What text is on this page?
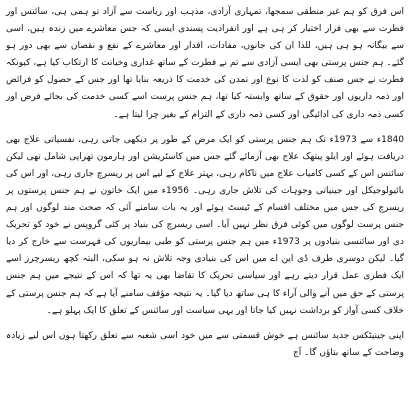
اس فرق کو ہم غیر منطقی سمجھا، تمہاری آزادی، مذہب اور ریاست سے آزاد تو ہمی ہی، سائنس اور فطرت سے بھی فرار اختیار کر ہی ہے اور انفرادیت پسندی ایسی کہ جس معاشرے میں زندہ ہیں، اسی سے بیگانہ ہو ہی ہیں، للذا ان کی جانوں، مفادات، اقدار اور معاشرے کے نفع و نقصان سے بھی دور ہو گئے۔ ہم جنس پرستی بھی ایسی آزادی سے تم نے فطرت کے ساتھ غداری وخیانت کا ارتکاب کیا ہے، کیونکہ فطرت نے جس صنف کو لذت کا نوع اور تمدن کی خدمت کا ذریعہ بنایا تھا اور جس کے حصول کو فرائض اور ذمہ داریوں اور حقوق کے ساتھ وابستہ کیا تھا، ہم جنس پرست اسے کسی خدمت کی بجائے فرض اور کسی ذمہ داری کی ادائیگی اور کسی ذمہ داری کے التزام کے بغیر چرا لیتا ہے۔

1840ء سے 1973ء تک ہم جنس پرستی کو ایک مرض کے طور پر دیکھی جاتی رہی، نفسیاتی علاج بھی دریافت ہوئے اور ایلو پیتھک علاج بھی آزمائے گئے جس میں کاسٹریشن اور ہارمون تھراپی شامل تھی لیکن سائنس اس کے کسی کامیاب علاج میں ناکام رہی، بہتر علاج کے لیے اس پر ریسرچ جاری رہی، اور اس کی بائیولوجیکل اور جینیاتی وجوہات کی تلاش جاری رہی۔ 1956ء میں ایک خاتون نے ہم جنس پرستوں پر ریسرچ کی جس میں مختلف اقسام کے ٹیسٹ ہوئے اور یہ بات سامنے آئی کہ صحت مند لوگوں اور ہم جنس پرست لوگوں میں کوئی فرق نظر نہیں آیا۔ اسی ریسرچ کی بنیاد پر کئی گروپس نے خود کو تحریک دی اور سائنسی بنیادوں پر 1973ء میں ہم جنس پرستی کو طبی بیماریوں کی فہرست سے خارج کر دیا گیا۔ لیکن دوسری طرف ڈی این اے میں اس کی بنیادی وجہ تلاش نہ ہو سکی، البتہ کچھ ریسرچرز اسے ایک فطری عمل قرار دیتے رہے اور سیاسی تحریک کا تقاضا بھی یہ تھا کہ اس کے نتیجے میں ہم جنس پرستی کے حق میں آنے والی آراء کا ہی ساتھ دیا گیا۔ یہ نتیجہ مؤقف سامنے آیا ہے کہ ہم جنس پرستی کے خلاف کسی آواز کو برداشت نہیں کیا جاتا اور یہی سیاست اور سائنس کے تعلق کا ایک پہلو ہے۔

اپنی جینیٹکس جدید سائنس ہے خوش قسمتی سے میں خود اسی شعبہ سے تعلق رکھتا ہوں اس لیے زیادہ وضاحت کے ساتھ بتاؤں گا۔ آج
